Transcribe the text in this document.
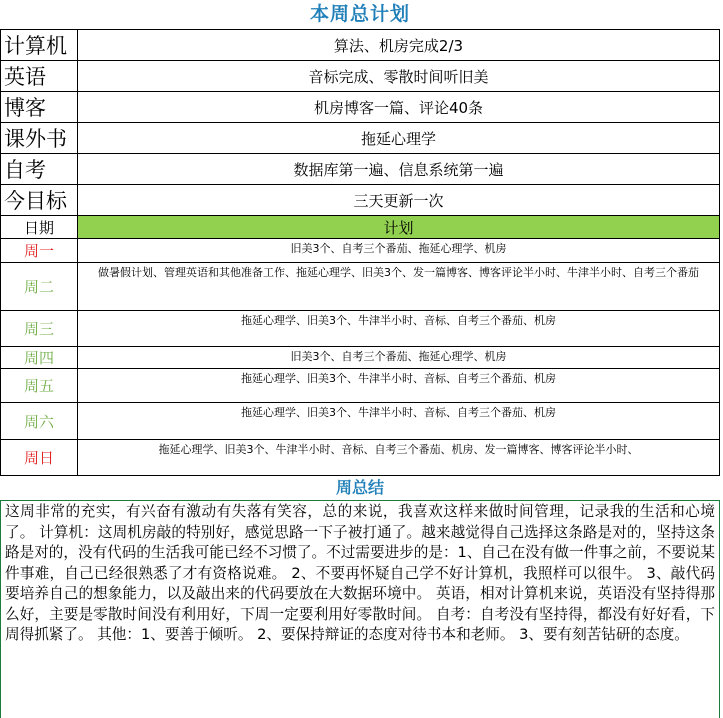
本周总计划
计算机	算法、机房完成2/3
英语	音标完成、零散时间听旧美
博客	机房博客一篇、评论40条
课外书	拖延心理学
自考	数据库第一遍、信息系统第一遍
今目标	三天更新一次
日期	计划
周一	旧美3个、自考三个番茄、拖延心理学、机房
周二	做暑假计划、管理英语和其他准备工作、拖延心理学、旧美3个、发一篇博客、博客评论半小时、牛津半小时、自考三个番茄
周三	拖延心理学、旧美3个、牛津半小时、音标、自考三个番茄、机房
周四	旧美3个、自考三个番茄、拖延心理学、机房
周五	拖延心理学、旧美3个、牛津半小时、音标、自考三个番茄、机房
周六	拖延心理学、旧美3个、牛津半小时、音标、自考三个番茄、机房
周日	拖延心理学、旧美3个、牛津半小时、音标、自考三个番茄、机房、发一篇博客、博客评论半小时、
周总结
这周非常的充实，有兴奋有激动有失落有笑容，总的来说，我喜欢这样来做时间管理，记录我的生活和心境了。 计算机：这周机房敲的特别好，感觉思路一下子被打通了。越来越觉得自己选择这条路是对的，坚持这条路是对的，没有代码的生活我可能已经不习惯了。不过需要进步的是：1、自己在没有做一件事之前，不要说某件事难，自己已经很熟悉了才有资格说难。 2、不要再怀疑自己学不好计算机，我照样可以很牛。 3、敲代码要培养自己的想象能力，以及敲出来的代码要放在大数据环境中。 英语，相对计算机来说，英语没有坚持得那么好，主要是零散时间没有利用好，下周一定要利用好零散时间。 自考：自考没有坚持得，都没有好好看，下周得抓紧了。 其他：1、要善于倾听。 2、要保持辩证的态度对待书本和老师。 3、要有刻苦钻研的态度。
